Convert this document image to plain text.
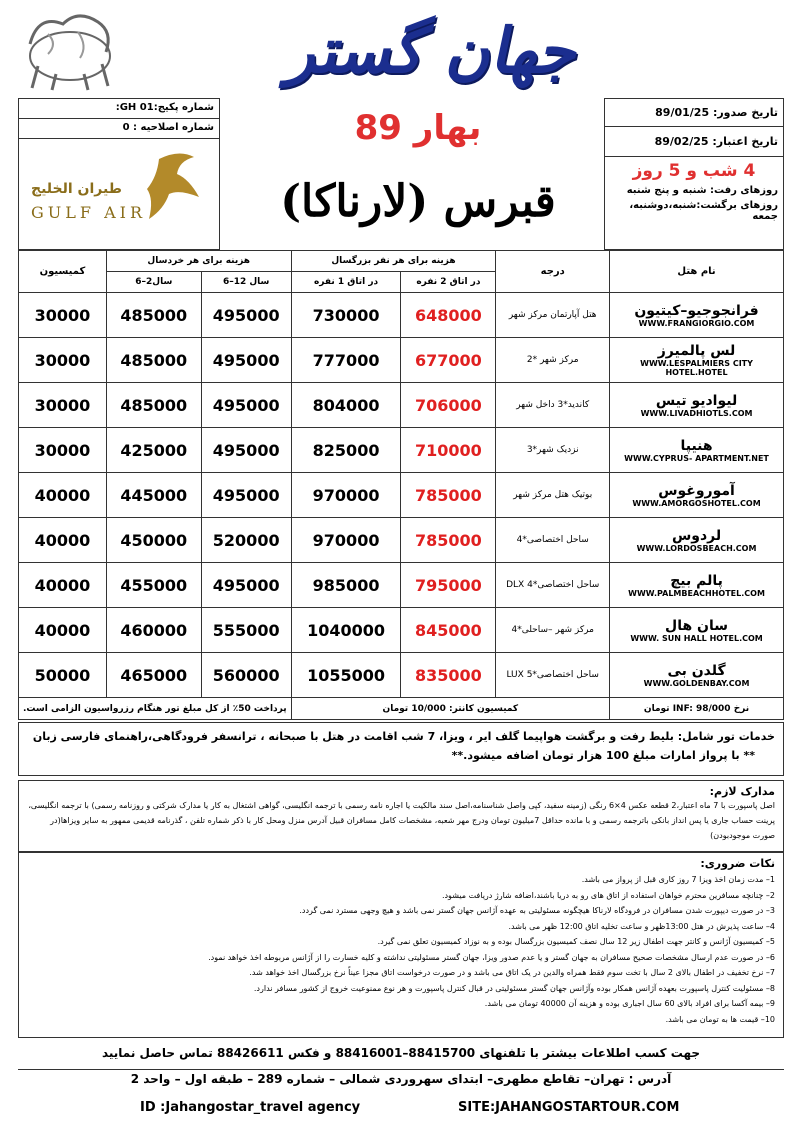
جهان گستر
شماره پکیج:GH 01:
شماره اصلاحیه : 0
طيران الخليج
GULF AIR
بهار 89
قبرس (لارناکا)
تاریخ صدور: 89/01/25
تاریخ اعتبار: 89/02/25
4 شب و 5 روز
روزهای رفت: شنبه و پنج شنبه
روزهای برگشت:شنبه،دوشنبه، جمعه
کمیسیون	هزینه برای هر خردسال		هزینه برای هر نفر بزرگسال		درجه	نام هتل
	6–2سال	6–12 سال	در اتاق 1 نفره	در اتاق 2 نفره		
30000	485000	495000	730000	648000	هتل آپارتمان مرکز شهر	فرانجوجیو–کیتیون
WWW.FRANGIORGIO.COM

30000	485000	495000	777000	677000	مرکز شهر *2	لس پالمیرز
WWW.LESPALMIERS CITY HOTEL.HOTEL

30000	485000	495000	804000	706000	کاندید*3 داخل شهر	لیوادیو تیس
WWW.LIVADHIOTLS.COM

30000	425000	495000	825000	710000	نزدیک شهر*3	هنیپا
WWW.CYPRUS- APARTMENT.NET

40000	445000	495000	970000	785000	بوتیک هتل مرکز شهر	آموروغوس
WWW.AMORGOSHOTEL.COM

40000	450000	520000	970000	785000	ساحل اختصاصی*4	لردوس
WWW.LORDOSBEACH.COM

40000	455000	495000	985000	795000	ساحل اختصاصی*4 DLX	پالم بیچ
WWW.PALMBEACHHOTEL.COM

40000	460000	555000	1040000	845000	مرکز شهر –ساحلی*4	سان هال
WWW. SUN HALL HOTEL.COM

50000	465000	560000	1055000	835000	ساحل اختصاصی*5 LUX	گلدن بی
WWW.GOLDENBAY.COM

پرداخت 50٪ از کل مبلغ تور هنگام رزرواسیون الزامی است.			کمیسیون کانتر: 10/000 تومان			نرخ INF: 98/000 تومان
خدمات تور شامل: بلیط رفت و برگشت هواپیما گلف ایر ، ویزا، 7 شب اقامت در هتل با صبحانه ، ترانسفر فرودگاهی،راهنمای فارسی زبان
** با پرواز امارات مبلغ 100 هزار تومان اضافه میشود.**
مدارک لازم:
اصل پاسپورت با 7 ماه اعتبار،2 قطعه عکس 4×6 رنگی (زمینه سفید، کپی واصل شناسنامه،اصل سند مالکیت یا اجاره نامه رسمی با ترجمه انگلیسی، گواهی اشتغال به کار یا مدارک شرکتی و روزنامه رسمی) با ترجمه انگلیسی، پرینت حساب جاری یا پس انداز بانکی باترجمه رسمی و با مانده حداقل 7میلیون تومان ودرج مهر شعبه، مشخصات کامل مسافران قبیل آدرس منزل ومحل کار با ذکر شماره تلفن ، گذرنامه قدیمی ممهور به سایر ویزاها(در صورت موجودبودن)
نکات ضروری:
1– مدت زمان اخذ ویزا 7 روز کاری قبل از پرواز می باشد.
2– چنانچه مسافرین محترم خواهان استفاده از اتاق های رو به دریا باشند،اضافه شارژ دریافت میشود.
3– در صورت دیپورت شدن مسافران در فرودگاه لارناکا هیچگونه مسئولیتی به عهده آژانس جهان گستر نمی باشد و هیچ وجهی مسترد نمی گردد.
4– ساعت پذیرش در هتل 13:00ظهر و ساعت تخلیه اتاق 12:00 ظهر می باشد.
5– کمیسیون آژانس و کانتر جهت اطفال زیر 12 سال نصف کمیسیون بزرگسال بوده و به نوزاد کمیسیون تعلق نمی گیرد.
6– در صورت عدم ارسال مشخصات صحیح مسافران به جهان گستر و یا عدم صدور ویزا، جهان گستر مسئولیتی نداشته و کلیه خسارت را از آژانس مربوطه اخذ خواهد نمود.
7– نرخ تخفیف در اطفال بالای 2 سال با تخت سوم فقط همراه والدین در یک اتاق می باشد و در صورت درخواست اتاق مجزا عیناً نرخ بزرگسال اخذ خواهد شد.
8– مسئولیت کنترل پاسپورت بعهده آژانس همکار بوده وآژانس جهان گستر مسئولیتی در قبال کنترل پاسپورت و هر نوع ممنوعیت خروج از کشور مسافر ندارد.
9– بیمه آکسا برای افراد بالای 60 سال اجباری بوده و هزینه آن 40000 تومان می باشد.
10– قیمت ها به تومان می باشد.
جهت کسب اطلاعات بیشتر با تلفنهای 88415700–88416001 و فکس 88426611 تماس حاصل نمایید
آدرس : تهران– تقاطع مطهری– ابتدای سهروردی شمالی – شماره 289 – طبقه اول – واحد 2
ID :Jahangostar_travel agency	SITE:JAHANGOSTARTOUR.COM
